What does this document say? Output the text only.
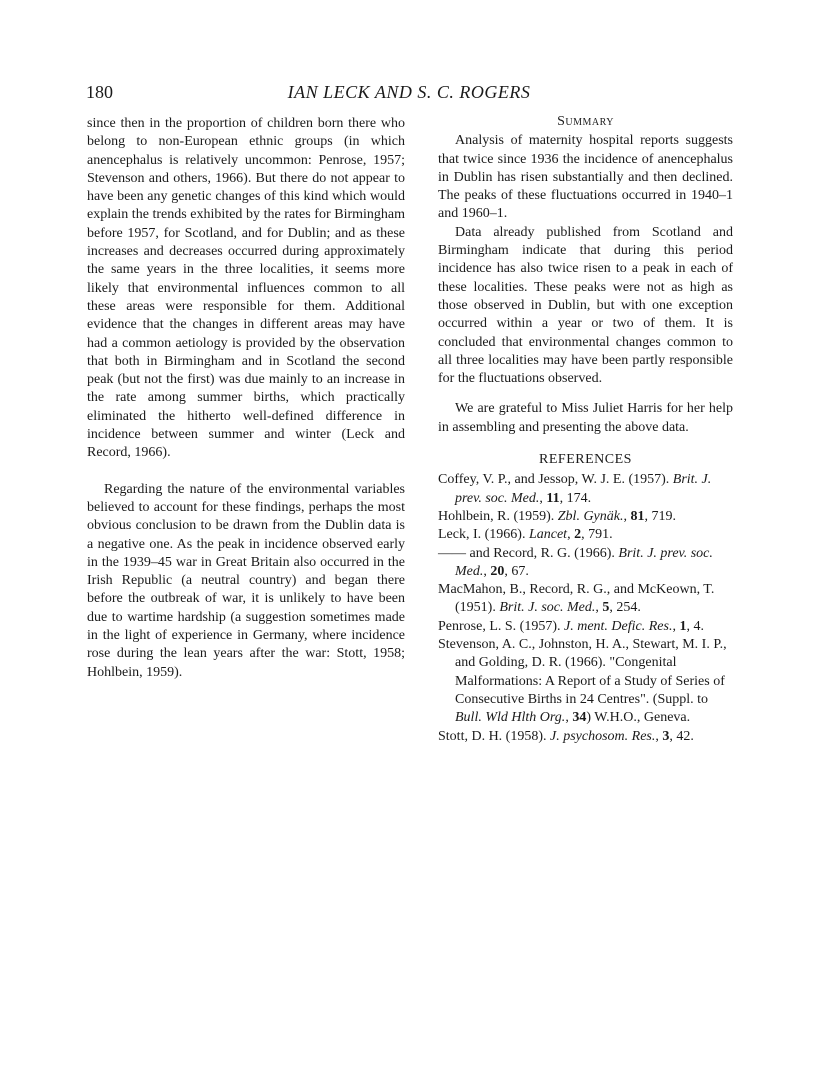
180	IAN LECK AND S. C. ROGERS

since then in the proportion of children born there who belong to non-European ethnic groups (in which anencephalus is relatively uncommon: Penrose, 1957; Stevenson and others, 1966). But there do not appear to have been any genetic changes of this kind which would explain the trends exhibited by the rates for Birmingham before 1957, for Scotland, and for Dublin; and as these increases and decreases occurred during approximately the same years in the three localities, it seems more likely that environmental influences common to all these areas were responsible for them. Additional evidence that the changes in different areas may have had a common aetiology is provided by the observation that both in Birmingham and in Scotland the second peak (but not the first) was due mainly to an increase in the rate among summer births, which practically eliminated the hitherto well-defined difference in incidence between summer and winter (Leck and Record, 1966).

Regarding the nature of the environmental variables believed to account for these findings, perhaps the most obvious conclusion to be drawn from the Dublin data is a negative one. As the peak in incidence observed early in the 1939–45 war in Great Britain also occurred in the Irish Republic (a neutral country) and began there before the outbreak of war, it is unlikely to have been due to wartime hardship (a suggestion sometimes made in the light of experience in Germany, where incidence rose during the lean years after the war: Stott, 1958; Hohlbein, 1959).

Summary

Analysis of maternity hospital reports suggests that twice since 1936 the incidence of anencephalus in Dublin has risen substantially and then declined. The peaks of these fluctuations occurred in 1940–1 and 1960–1.

Data already published from Scotland and Birmingham indicate that during this period incidence has also twice risen to a peak in each of these localities. These peaks were not as high as those observed in Dublin, but with one exception occurred within a year or two of them. It is concluded that environmental changes common to all three localities may have been partly responsible for the fluctuations observed.

We are grateful to Miss Juliet Harris for her help in assembling and presenting the above data.

REFERENCES

Coffey, V. P., and Jessop, W. J. E. (1957). Brit. J. prev. soc. Med., 11, 174.

Hohlbein, R. (1959). Zbl. Gynäk., 81, 719.

Leck, I. (1966). Lancet, 2, 791.

—— and Record, R. G. (1966). Brit. J. prev. soc. Med., 20, 67.

MacMahon, B., Record, R. G., and McKeown, T. (1951). Brit. J. soc. Med., 5, 254.

Penrose, L. S. (1957). J. ment. Defic. Res., 1, 4.

Stevenson, A. C., Johnston, H. A., Stewart, M. I. P., and Golding, D. R. (1966). "Congenital Malformations: A Report of a Study of Series of Consecutive Births in 24 Centres". (Suppl. to Bull. Wld Hlth Org., 34) W.H.O., Geneva.

Stott, D. H. (1958). J. psychosom. Res., 3, 42.
